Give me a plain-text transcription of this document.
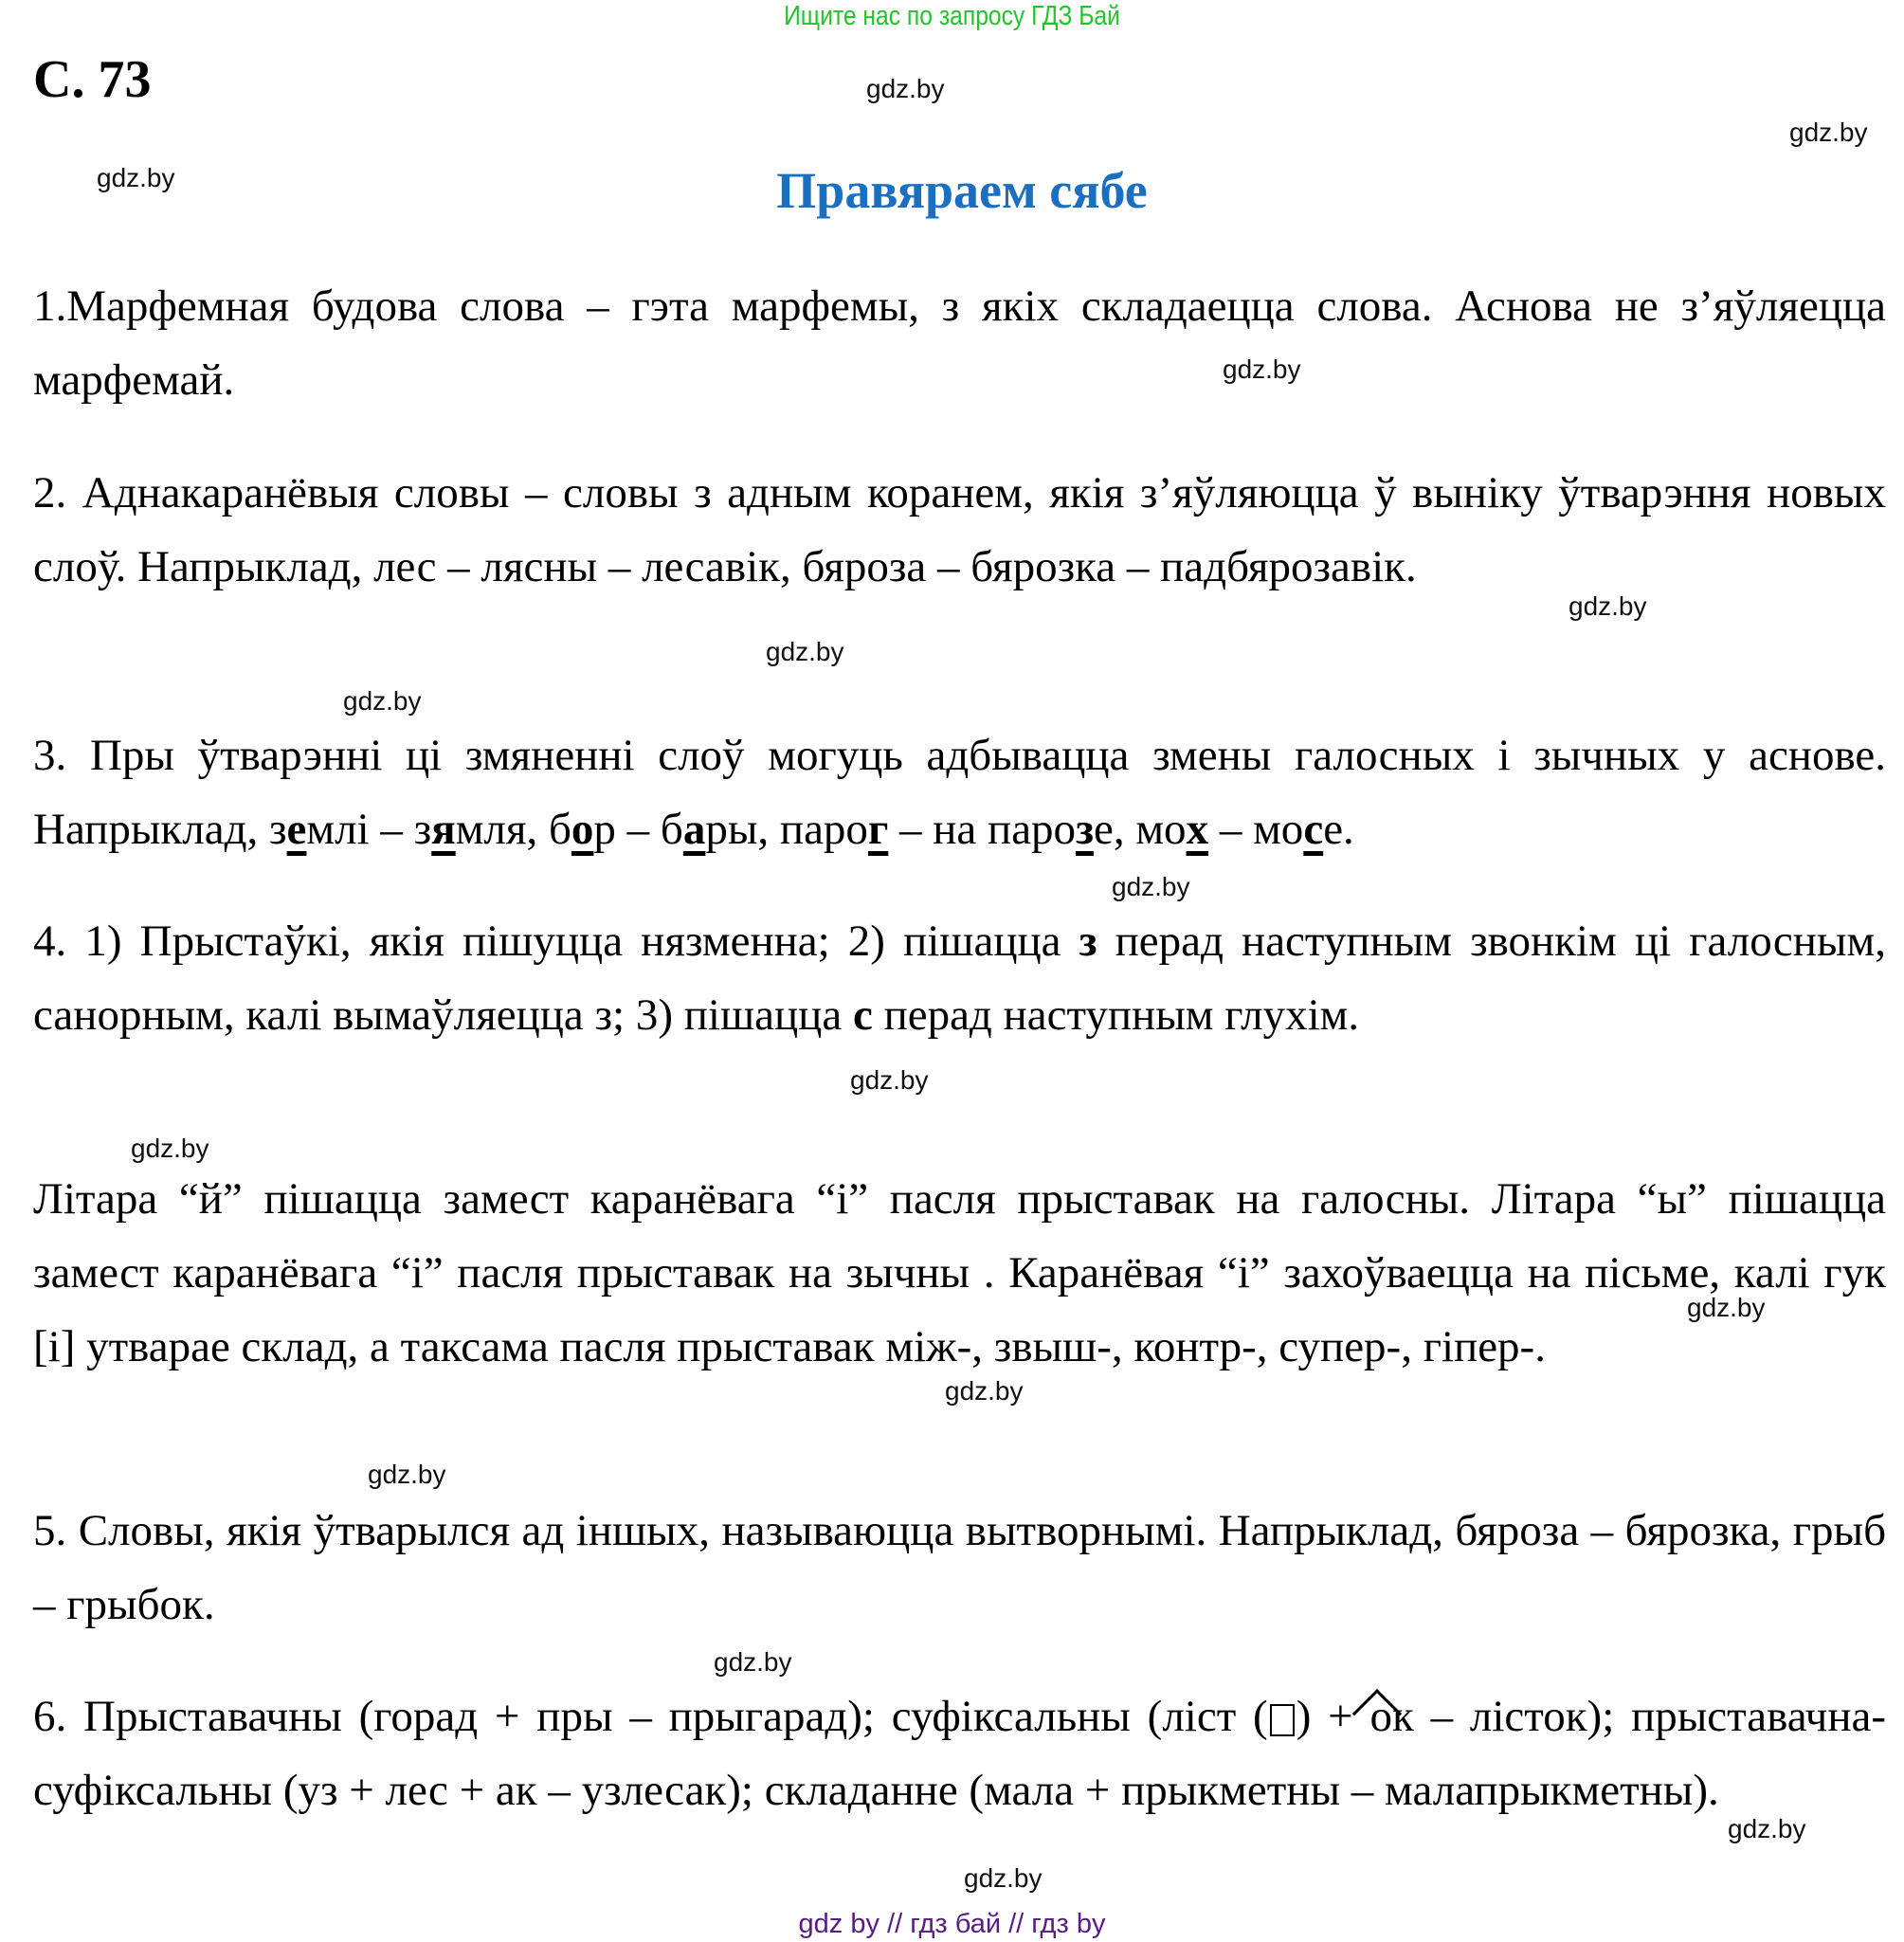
Ищите нас по запросу ГДЗ Бай
С. 73
Правяраем сябе
gdz.by
gdz.by
gdz.by
gdz.by
gdz.by
gdz.by
gdz.by
gdz.by
gdz.by
gdz.by
gdz.by
gdz.by
gdz.by
gdz.by
gdz.by
gdz.by
1.Марфемная будова слова – гэта марфемы, з якіх складаецца слова. Аснова не з’яўляецца марфемай.
2. Аднакаранёвыя словы – словы з адным коранем, якія з’яўляюцца ў выніку ўтварэння новых слоў. Напрыклад, лес – лясны – лесавік, бяроза – бярозка – падбярозавік.
3. Пры ўтварэнні ці змяненні слоў могуць адбывацца змены галосных і зычных у аснове. Напрыклад, землі – зямля, бор – бары, парог – на парозе, мох – мосе.
4. 1) Прыстаўкі, якія пішуцца нязменна; 2) пішацца з перад наступным звонкім ці галосным, санорным, калі вымаўляецца з; 3) пішацца с перад наступным глухім.
Літара “й” пішацца замест каранёвага “і” пасля прыставак на галосны. Літара “ы” пішацца замест каранёвага “і” пасля прыставак на зычны . Каранёвая “і” захоўваецца на пісьме, калі гук [і] утварае склад, а таксама пасля прыставак між-, звыш-, контр-, супер-, гіпер-.
5. Словы, якія ўтварылся ад іншых, называюцца вытворнымі. Напрыклад, бяроза – бярозка, грыб – грыбок.
6. Прыставачны (горад + пры – прыгарад); суфіксальны (ліст ( ) + ок – лісток); прыставачна-суфіксальны (уз + лес + ак – узлесак); складанне (мала + прыкметны – малапрыкметны).
gdz by // гдз бай // гдз by
